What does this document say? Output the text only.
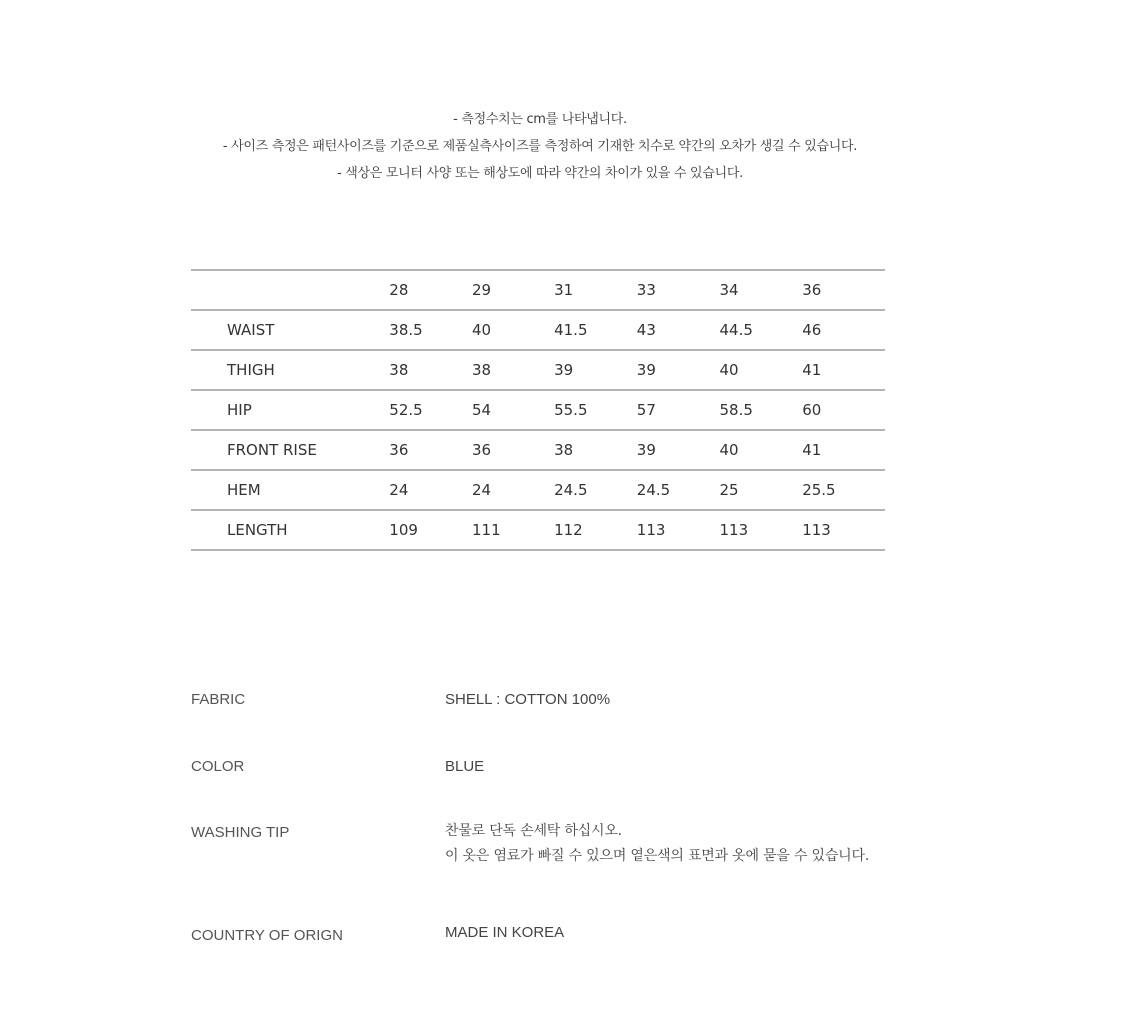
- 측정수치는 cm를 나타냅니다.
- 사이즈 측정은 패턴사이즈를 기준으로 제품실측사이즈를 측정하여 기재한 치수로 약간의 오차가 생길 수 있습니다.
- 색상은 모니터 사양 또는 해상도에 따라 약간의 차이가 있을 수 있습니다.
	28	29	31	33	34	36
WAIST	38.5	40	41.5	43	44.5	46
THIGH	38	38	39	39	40	41
HIP	52.5	54	55.5	57	58.5	60
FRONT RISE	36	36	38	39	40	41
HEM	24	24	24.5	24.5	25	25.5
LENGTH	109	111	112	113	113	113
FABRIC	SHELL : COTTON 100%
COLOR	BLUE
WASHING TIP	찬물로 단독 손세탁 하십시오.
이 옷은 염료가 빠질 수 있으며 옅은색의 표면과 옷에 묻을 수 있습니다.
COUNTRY OF ORIGN	MADE IN KOREA
